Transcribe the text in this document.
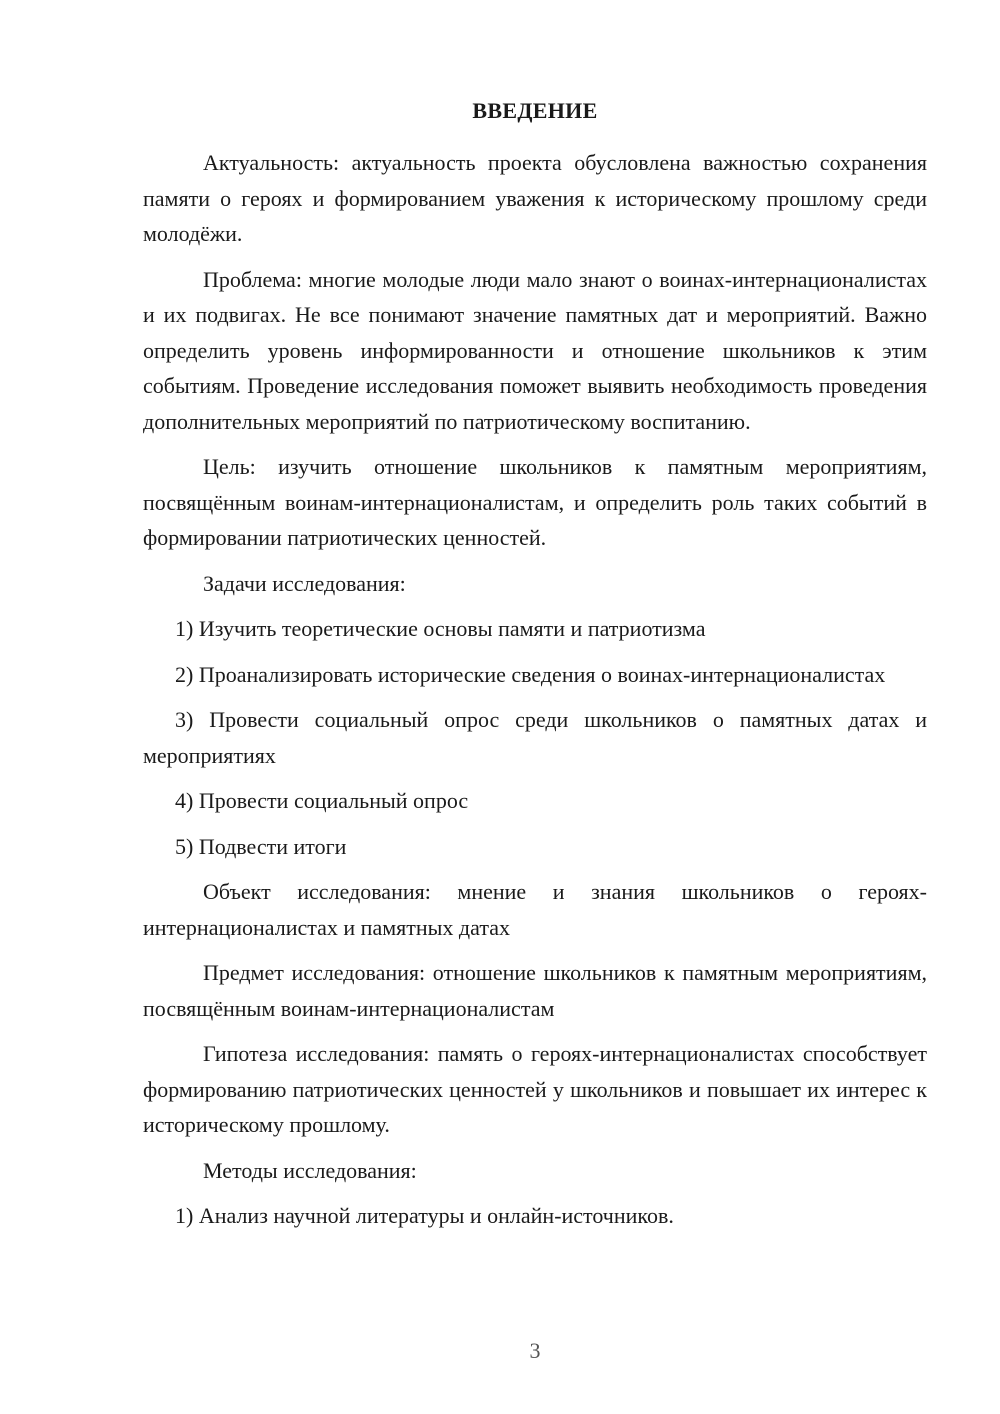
ВВЕДЕНИЕ

Актуальность: актуальность проекта обусловлена важностью сохранения памяти о героях и формированием уважения к историческому прошлому среди молодёжи.

Проблема: многие молодые люди мало знают о воинах-интернационалистах и их подвигах. Не все понимают значение памятных дат и мероприятий. Важно определить уровень информированности и отношение школьников к этим событиям. Проведение исследования поможет выявить необходимость проведения дополнительных мероприятий по патриотическому воспитанию.

Цель: изучить отношение школьников к памятным мероприятиям, посвящённым воинам-интернационалистам, и определить роль таких событий в формировании патриотических ценностей.

Задачи исследования:

1) Изучить теоретические основы памяти и патриотизма

2) Проанализировать исторические сведения о воинах-интернационалистах

3) Провести социальный опрос среди школьников о памятных датах и мероприятиях

4) Провести социальный опрос

5) Подвести итоги

Объект исследования: мнение и знания школьников о героях-интернационалистах и памятных датах

Предмет исследования: отношение школьников к памятным мероприятиям, посвящённым воинам-интернационалистам

Гипотеза исследования: память о героях-интернационалистах способствует формированию патриотических ценностей у школьников и повышает их интерес к историческому прошлому.

Методы исследования:

1) Анализ научной литературы и онлайн-источников.

3
